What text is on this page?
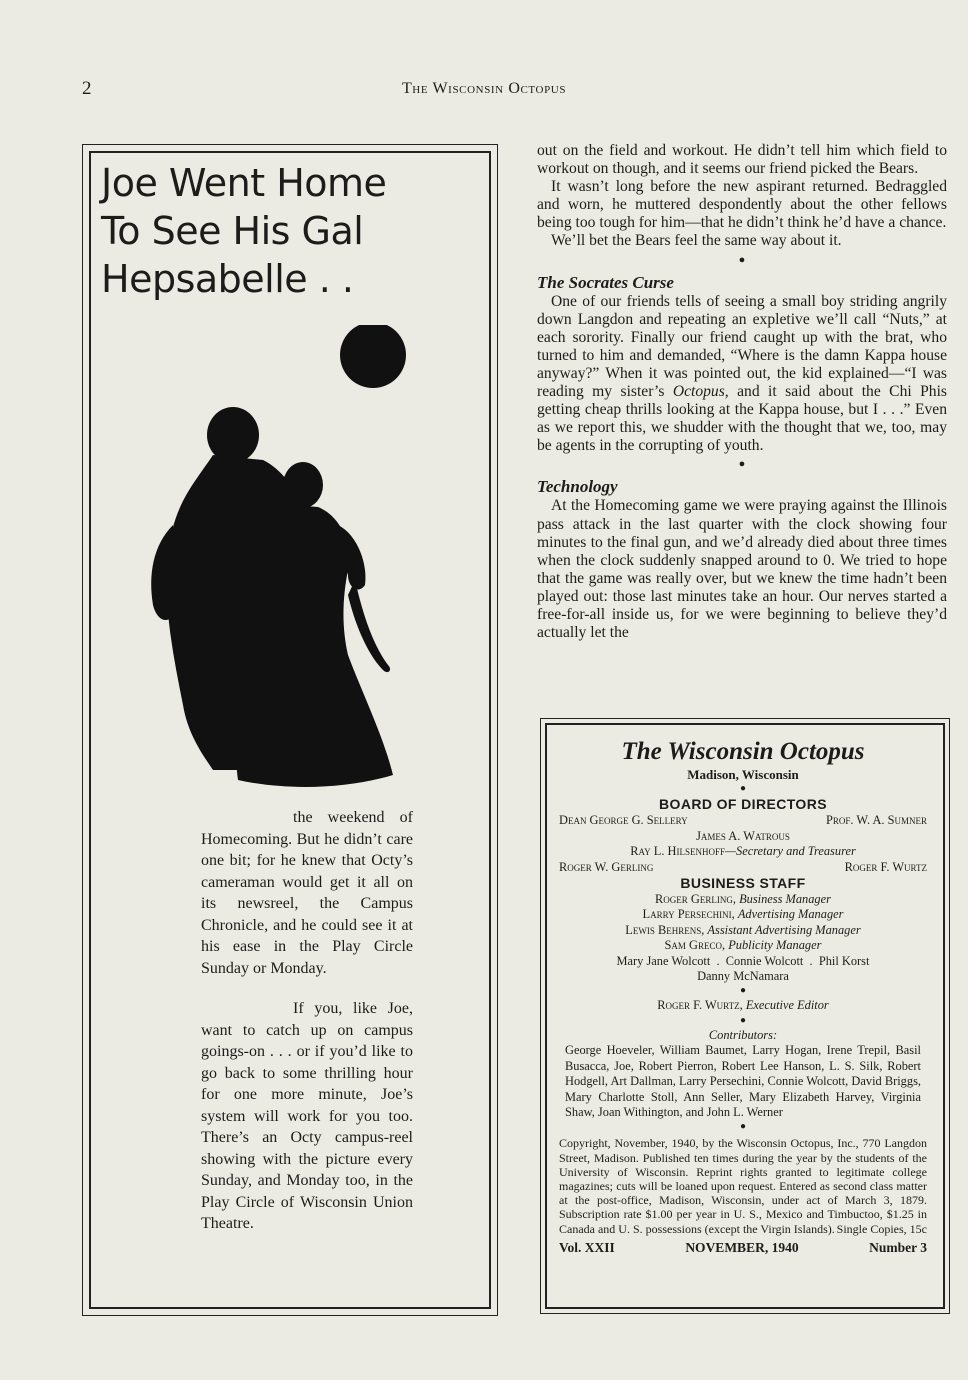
2	The Wisconsin Octopus
Joe Went Home
To See His Gal
Hepsabelle . .

the weekend of Homecoming. But he didn’t care one bit; for he knew that Octy’s cameraman would get it all on its newsreel, the Campus Chronicle, and he could see it at his ease in the Play Circle Sunday or Monday.

If you, like Joe, want to catch up on campus goings-on . . . or if you’d like to go back to some thrilling hour for one more minute, Joe’s system will work for you too. There’s an Octy campus-reel showing with the picture every Sunday, and Monday too, in the Play Circle of Wisconsin Union Theatre.

out on the field and workout. He didn’t tell him which field to workout on though, and it seems our friend picked the Bears.

It wasn’t long before the new aspirant returned. Bedraggled and worn, he muttered despondently about the other fellows being too tough for him—that he didn’t think he’d have a chance.

We’ll bet the Bears feel the same way about it.

●
The Socrates Curse

One of our friends tells of seeing a small boy striding angrily down Langdon and repeating an expletive we’ll call “Nuts,” at each sorority. Finally our friend caught up with the brat, who turned to him and demanded, “Where is the damn Kappa house anyway?” When it was pointed out, the kid explained—“I was reading my sister’s Octopus, and it said about the Chi Phis getting cheap thrills looking at the Kappa house, but I . . .” Even as we report this, we shudder with the thought that we, too, may be agents in the corrupting of youth.

●
Technology

At the Homecoming game we were praying against the Illinois pass attack in the last quarter with the clock showing four minutes to the final gun, and we’d already died about three times when the clock suddenly snapped around to 0. We tried to hope that the game was really over, but we knew the time hadn’t been played out: those last minutes take an hour. Our nerves started a free-for-all inside us, for we were beginning to believe they’d actually let the

The Wisconsin Octopus
Madison, Wisconsin
●
BOARD OF DIRECTORS
Dean George G. Sellery	Prof. W. A. Sumner
James A. Watrous
Ray L. Hilsenhoff—Secretary and Treasurer
Roger W. Gerling	Roger F. Wurtz
BUSINESS STAFF
Roger Gerling, Business Manager
Larry Persechini, Advertising Manager
Lewis Behrens, Assistant Advertising Manager
Sam Greco, Publicity Manager
Mary Jane Wolcott  .  Connie Wolcott  .  Phil Korst
Danny McNamara
●
Roger F. Wurtz, Executive Editor
●
Contributors:
George Hoeveler, William Baumet, Larry Hogan, Irene Trepil, Basil Busacca, Joe, Robert Pierron, Robert Lee Hanson, L. S. Silk, Robert Hodgell, Art Dallman, Larry Persechini, Connie Wolcott, David Briggs, Mary Charlotte Stoll, Ann Seller, Mary Elizabeth Harvey, Virginia Shaw, Joan Withington, and John L. Werner
●
Copyright, November, 1940, by the Wisconsin Octopus, Inc., 770 Langdon Street, Madison. Published ten times during the year by the students of the University of Wisconsin. Reprint rights granted to legitimate college magazines; cuts will be loaned upon request. Entered as second class matter at the post-office, Madison, Wisconsin, under act of March 3, 1879. Subscription rate $1.00 per year in U. S., Mexico and Timbuctoo, $1.25 in Canada and U. S. possessions (except the Virgin Islands). Single Copies, 15c
Vol. XXII	NOVEMBER, 1940	Number 3
